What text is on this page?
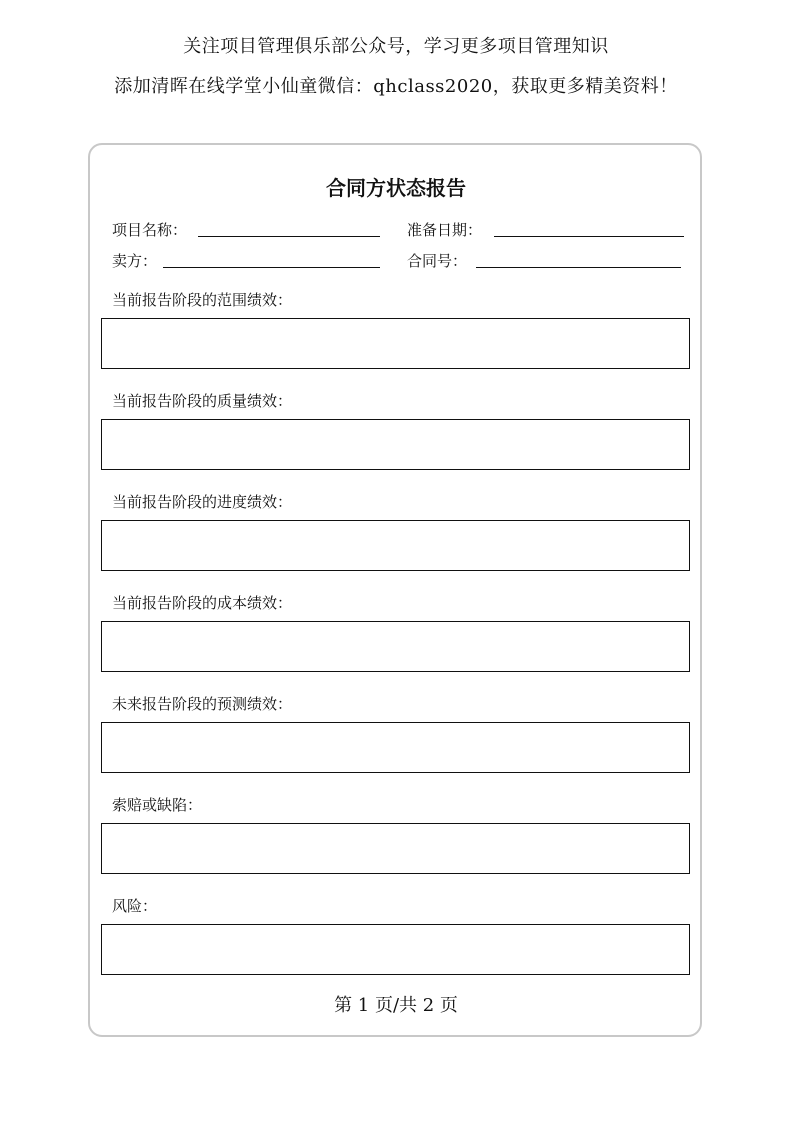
关注项目管理俱乐部公众号，学习更多项目管理知识
添加清晖在线学堂小仙童微信：qhclass2020，获取更多精美资料！
合同方状态报告
项目名称：	准备日期：
卖方：	合同号：
当前报告阶段的范围绩效：
当前报告阶段的质量绩效：
当前报告阶段的进度绩效：
当前报告阶段的成本绩效：
未来报告阶段的预测绩效：
索赔或缺陷：
风险：
第 1 页/共 2 页
